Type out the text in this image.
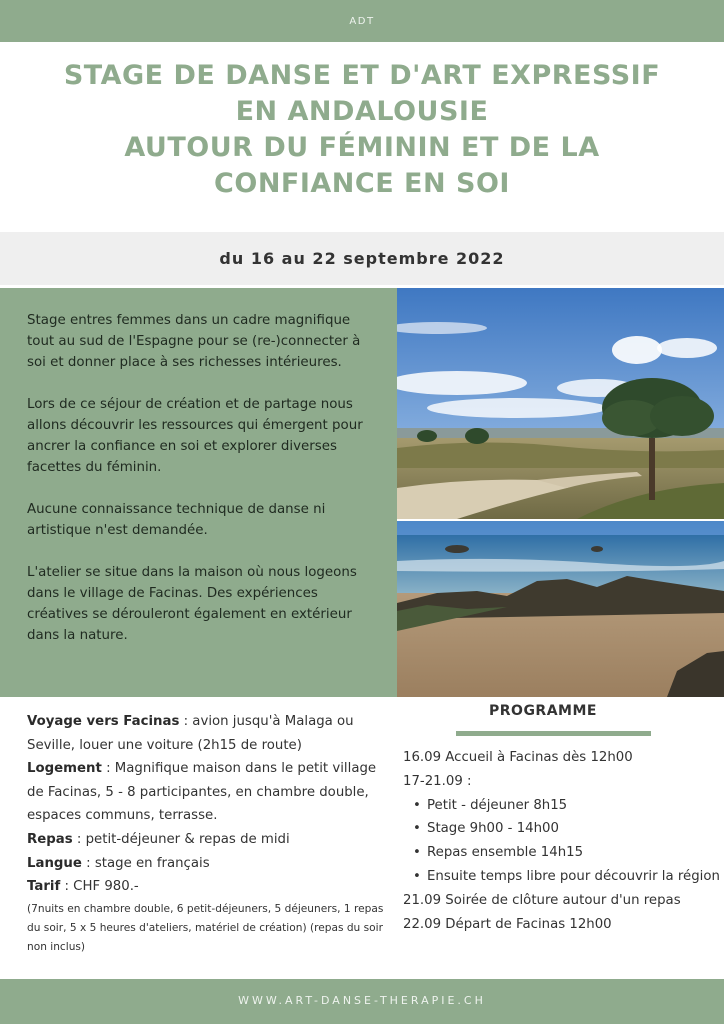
ADT
STAGE DE DANSE ET D'ART EXPRESSIF
EN ANDALOUSIE
AUTOUR DU FÉMININ ET DE LA
CONFIANCE EN SOI
du 16 au 22 septembre 2022

Stage entres femmes dans un cadre magnifique tout au sud de l'Espagne pour se (re-)connecter à soi et donner place à ses richesses intérieures.

Lors de ce séjour de création et de partage nous allons découvrir les ressources qui émergent pour ancrer la confiance en soi et explorer diverses facettes du féminin.

Aucune connaissance technique de danse ni artistique n'est demandée.

L'atelier se situe dans la maison où nous logeons dans le village de Facinas. Des expériences créatives se dérouleront également en extérieur dans la nature.

Voyage vers Facinas : avion jusqu'à Malaga ou Seville, louer une voiture (2h15 de route)
Logement : Magnifique maison dans le petit village de Facinas, 5 - 8 participantes, en chambre double, espaces communs, terrasse.
Repas : petit-déjeuner & repas de midi
Langue : stage en français
Tarif : CHF 980.-
(7nuits en chambre double, 6 petit-déjeuners, 5 déjeuners, 1 repas du soir, 5 x 5 heures d'ateliers, matériel de création) (repas du soir non inclus)
PROGRAMME
16.09 Accueil à Facinas dès 12h00
17-21.09 :
• Petit - déjeuner 8h15
• Stage 9h00 - 14h00
• Repas ensemble 14h15
• Ensuite temps libre pour découvrir la région
21.09 Soirée de clôture autour d'un repas
22.09 Départ de Facinas 12h00
WWW.ART-DANSE-THERAPIE.CH
